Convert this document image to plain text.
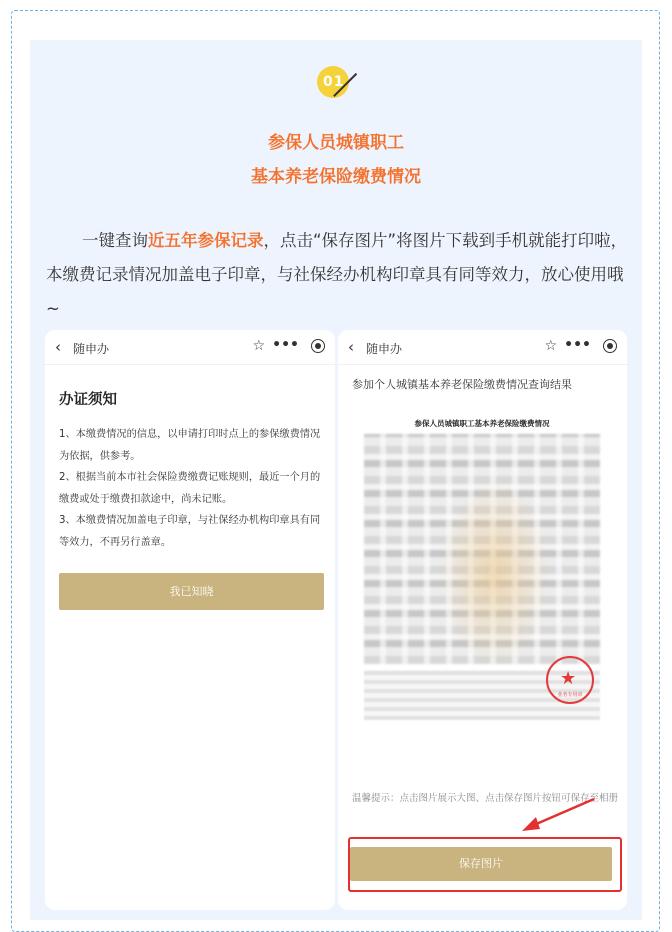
01
参保人员城镇职工
基本养老保险缴费情况
一键查询近五年参保记录，点击“保存图片”将图片下载到手机就能打印啦，本缴费记录情况加盖电子印章，与社保经办机构印章具有同等效力，放心使用哦~
‹ 随申办	☆ •••
办证须知
1、本缴费情况的信息，以申请打印时点上的参保缴费情况为依据，供参考。
2、根据当前本市社会保险费缴费记账规则，最近一个月的缴费或处于缴费扣款途中，尚未记账。
3、本缴费情况加盖电子印章，与社保经办机构印章具有同等效力，不再另行盖章。
我已知晓
‹ 随申办	☆ •••
参加个人城镇基本养老保险缴费情况查询结果
参保人员城镇职工基本养老保险缴费情况
★
业务专用章
温馨提示：点击图片展示大图、点击保存图片按钮可保存至相册
保存图片
